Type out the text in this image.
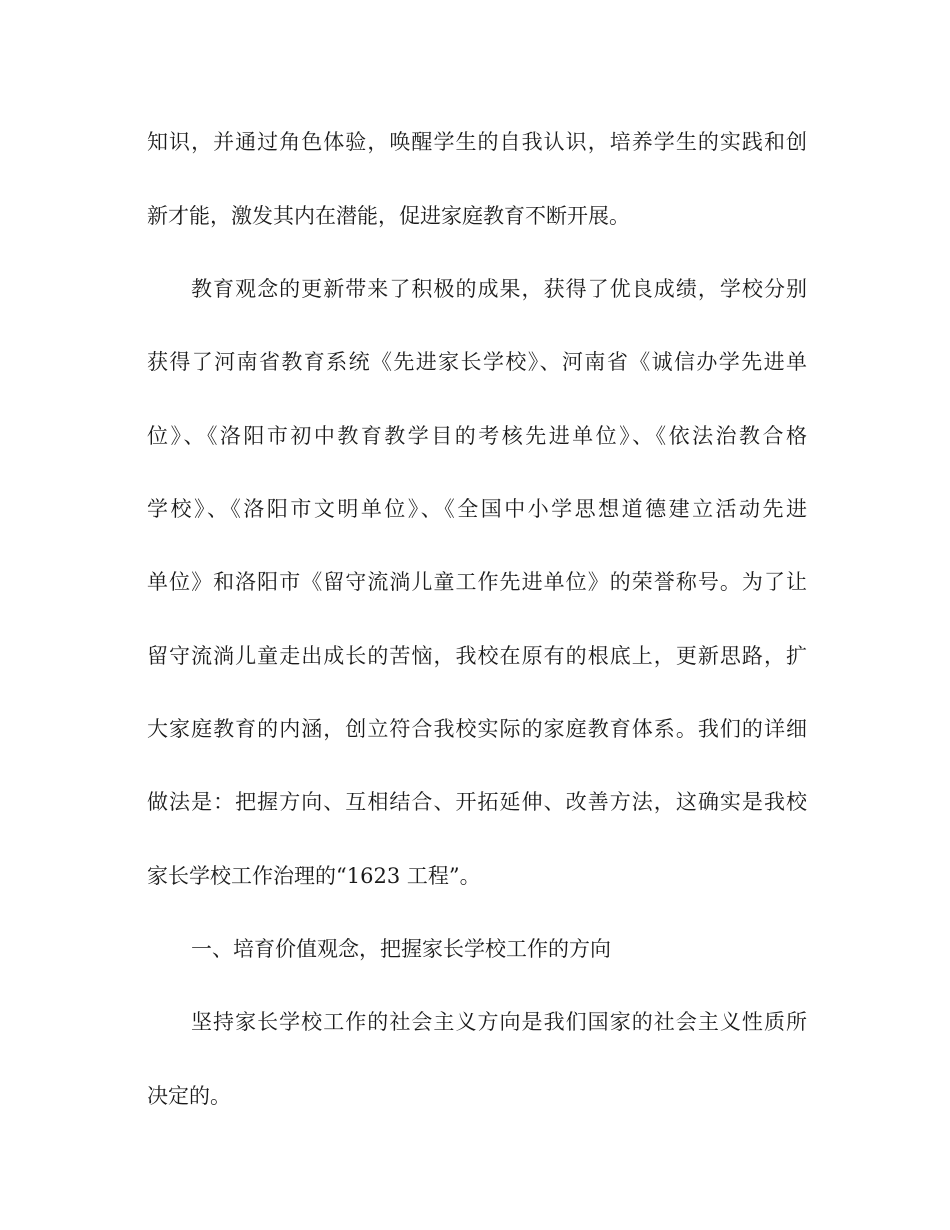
知识，并通过角色体验，唤醒学生的自我认识，培养学生的实践和创
新才能，激发其内在潜能，促进家庭教育不断开展。
教育观念的更新带来了积极的成果，获得了优良成绩，学校分别
获得了河南省教育系统《先进家长学校》、河南省《诚信办学先进单
位》、《洛阳市初中教育教学目的考核先进单位》、《依法治教合格
学校》、《洛阳市文明单位》、《全国中小学思想道德建立活动先进
单位》和洛阳市《留守流淌儿童工作先进单位》的荣誉称号。为了让
留守流淌儿童走出成长的苦恼，我校在原有的根底上，更新思路，扩
大家庭教育的内涵，创立符合我校实际的家庭教育体系。我们的详细
做法是：把握方向、互相结合、开拓延伸、改善方法，这确实是我校
家长学校工作治理的“1623 工程”。
一、培育价值观念，把握家长学校工作的方向
坚持家长学校工作的社会主义方向是我们国家的社会主义性质所
决定的。
